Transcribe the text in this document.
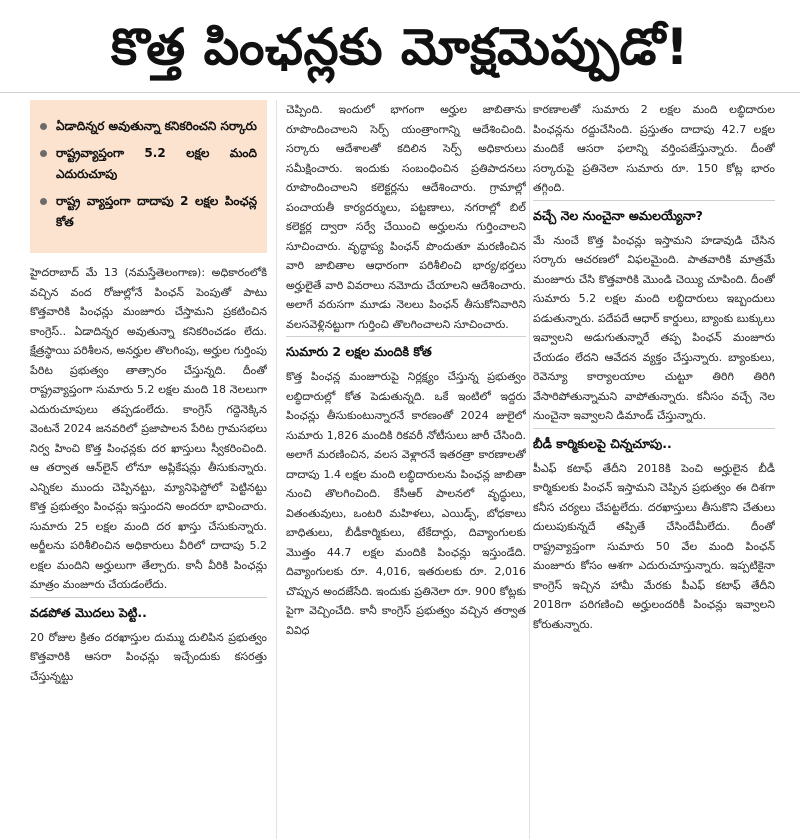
కొత్త పింఛన్లకు మోక్షమెప్పుడో!
ఏడాదిన్నర అవుతున్నా కనికరించని సర్కారు
రాష్ట్రవ్యాప్తంగా 5.2 లక్షల మంది ఎదురుచూపు
రాష్ట్ర వ్యాప్తంగా దాదాపు 2 లక్షల పింఛన్ల కోత

హైదరాబాద్ మే 13 (నమస్తేతెలంగాణ): అధికారంలోకి వచ్చిన వంద రోజుల్లోనే పింఛన్ పెంపుతో పాటు కొత్తవారికి పింఛన్లు మంజూరు చేస్తామని ప్రకటించిన కాంగ్రెస్.. ఏడాదిన్నర అవుతున్నా కనికరించడం లేదు. క్షేత్రస్థాయి పరిశీలన, అనర్హుల తొలగింపు, అర్హుల గుర్తింపు పేరిట ప్రభుత్వం తాత్సారం చేస్తున్నది. దీంతో రాష్ట్రవ్యాప్తంగా సుమారు 5.2 లక్షల మంది 18 నెలలుగా ఎదురుచూపులు తప్పడంలేదు. కాంగ్రెస్ గద్దెనెక్కిన వెంటనే 2024 జనవరిలో ప్రజాపాలన పేరిట గ్రామసభలు నిర్వ హించి కొత్త పింఛన్లకు దర ఖాస్తులు స్వీకరించింది. ఆ తర్వాత ఆన్‌లైన్ లోనూ అప్లికేషన్లు తీసుకున్నారు. ఎన్నికల ముందు చెప్పినట్టు, మ్యానిఫెస్టోలో పెట్టినట్టు కొత్త ప్రభుత్వం పింఛన్లు ఇస్తుందని అందరూ భావించారు. సుమారు 25 లక్షల మంది దర ఖాస్తు చేసుకున్నారు. అర్జీలను పరిశీలించిన అధికారులు వీరిలో దాదాపు 5.2 లక్షల మందిని అర్హులుగా తేల్చారు. కానీ వీరికి పింఛన్లు మాత్రం మంజూరు చేయడంలేదు.

వడపోత మొదలు పెట్టి..

20 రోజుల క్రితం దరఖాస్తుల దుమ్ము దులిపిన ప్రభుత్వం కొత్తవారికి ఆసరా పింఛన్లు ఇచ్చేందుకు కసరత్తు చేస్తున్నట్టు

చెప్పింది. ఇందులో భాగంగా అర్హుల జాబితాను రూపొందించాలని సెర్ప్ యంత్రాంగాన్ని ఆదేశించింది. సర్కారు ఆదేశాలతో కదిలిన సెర్ప్ అధికారులు సమీక్షించారు. ఇందుకు సంబంధించిన ప్రతిపాదనలు రూపొందించాలని కలెక్టర్లను ఆదేశించారు. గ్రామాల్లో పంచాయతీ కార్యదర్శులు, పట్టణాలు, నగరాల్లో బిల్ కలెక్టర్ల ద్వారా సర్వే చేయించి అర్హులను గుర్తించాలని సూచించారు. వృద్ధాప్య పింఛన్ పొందుతూ మరణించిన వారి జాబితాల ఆధారంగా పరిశీలించి భార్య/భర్తలు అర్హులైతే వారి వివరాలు నమోదు చేయాలని ఆదేశించారు. అలాగే వరుసగా మూడు నెలలు పింఛన్ తీసుకోనివారిని వలసవెళ్లినట్టుగా గుర్తించి తొలగించాలని సూచించారు.

సుమారు 2 లక్షల మందికి కోత

కొత్త పింఛన్ల మంజూరుపై నిర్లక్ష్యం చేస్తున్న ప్రభుత్వం లబ్ధిదారుల్లో కోత పెడుతున్నది. ఒకే ఇంటిలో ఇద్దరు పింఛన్లు తీసుకుంటున్నారనే కారణంతో 2024 జులైలో సుమారు 1,826 మందికి రికవరీ నోటీసులు జారీ చేసింది. అలాగే మరణించిన, వలస వెళ్లారనే ఇతరత్రా కారణాలతో దాదాపు 1.4 లక్షల మంది లబ్ధిదారులను పింఛన్ల జాబితా నుంచి తొలగించింది. కేసీఆర్ పాలనలో వృద్ధులు, వితంతువులు, ఒంటరి మహిళలు, ఎయిడ్స్, బోధకాలు బాధితులు, బీడీకార్మికులు, టేకేదార్లు, దివ్యాంగులకు మొత్తం 44.7 లక్షల మందికి పింఛన్లు ఇస్తుండేది. దివ్యాంగులకు రూ. 4,016, ఇతరులకు రూ. 2,016 చొప్పున అందజేసేది. ఇందుకు ప్రతినెలా రూ. 900 కోట్లకు పైగా వెచ్చించేది. కానీ కాంగ్రెస్ ప్రభుత్వం వచ్చిన తర్వాత వివిధ

కారణాలతో సుమారు 2 లక్షల మంది లబ్ధిదారుల పింఛన్లను రద్దుచేసింది. ప్రస్తుతం దాదాపు 42.7 లక్షల మందికే ఆసరా ఫలాన్ని వర్తింపజేస్తున్నారు. దీంతో సర్కారుపై ప్రతినెలా సుమారు రూ. 150 కోట్ల భారం తగ్గింది.

వచ్చే నెల నుంచైనా అమలయ్యేనా?

మే నుంచే కొత్త పింఛన్లు ఇస్తామని హడావుడి చేసిన సర్కారు ఆచరణలో విఫలమైంది. పాతవారికి మాత్రమే మంజూరు చేసి కొత్తవారికి మొండి చెయ్యి చూపింది. దీంతో సుమారు 5.2 లక్షల మంది లబ్ధిదారులు ఇబ్బందులు పడుతున్నారు. పదేపదే ఆధార్ కార్డులు, బ్యాంకు బుక్కులు ఇవ్వాలని అడుగుతున్నారే తప్ప పింఛన్ మంజూరు చేయడం లేదని ఆవేదన వ్యక్తం చేస్తున్నారు. బ్యాంకులు, రెవెన్యూ కార్యాలయాల చుట్టూ తిరిగి తిరిగి వేసారిపోతున్నామని వాపోతున్నారు. కనీసం వచ్చే నెల నుంచైనా ఇవ్వాలని డిమాండ్ చేస్తున్నారు.

బీడీ కార్మికులపై చిన్నచూపు..

పీఎఫ్ కటాఫ్ తేదీని 2018కి పెంచి అర్హులైన బీడీ కార్మికులకు పింఛన్ ఇస్తామని చెప్పిన ప్రభుత్వం ఈ దిశగా కనీస చర్యలు చేపట్టలేదు. దరఖాస్తులు తీసుకొని చేతులు దులుపుకున్నదే తప్పితే చేసిందేమీలేదు. దీంతో రాష్ట్రవ్యాప్తంగా సుమారు 50 వేల మంది పింఛన్ మంజూరు కోసం ఆశగా ఎదురుచూస్తున్నారు. ఇప్పటికైనా కాంగ్రెస్ ఇచ్చిన హామీ మేరకు పీఎఫ్ కటాఫ్ తేదీని 2018గా పరిగణించి అర్హులందరికీ పింఛన్లు ఇవ్వాలని కోరుతున్నారు.
